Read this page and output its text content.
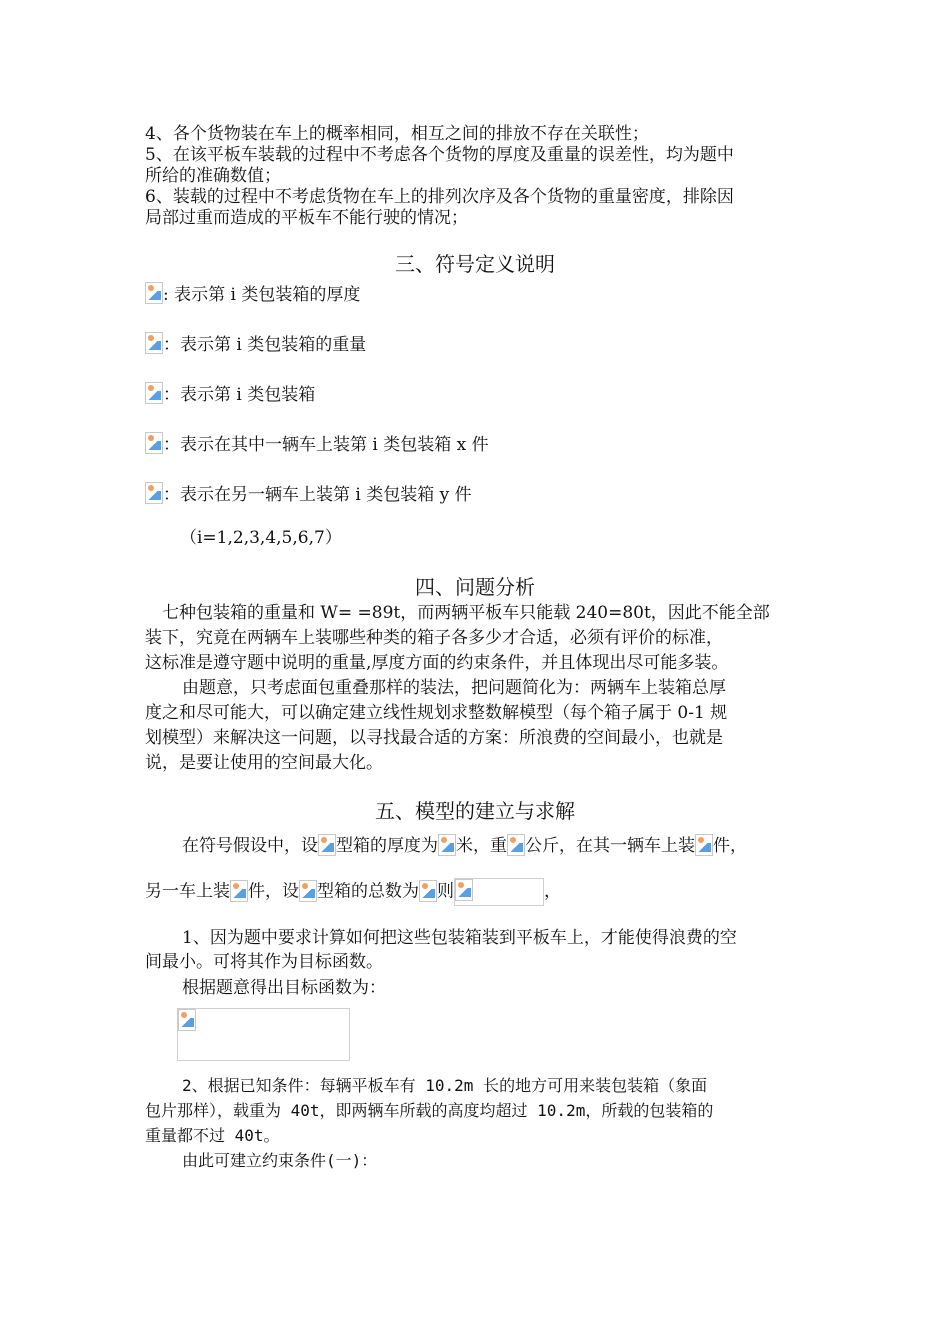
4、各个货物装在车上的概率相同，相互之间的排放不存在关联性；
5、在该平板车装载的过程中不考虑各个货物的厚度及重量的误差性，均为题中
所给的准确数值；
6、装载的过程中不考虑货物在车上的排列次序及各个货物的重量密度，排除因
局部过重而造成的平板车不能行驶的情况；
三、符号定义说明
: 表示第 i 类包装箱的厚度
：表示第 i 类包装箱的重量
：表示第 i 类包装箱
：表示在其中一辆车上装第 i 类包装箱 x 件
：表示在另一辆车上装第 i 类包装箱 y 件
（i=1,2,3,4,5,6,7）
四、问题分析
七种包装箱的重量和 W= =89t，而两辆平板车只能载 240=80t，因此不能全部
装下，究竟在两辆车上装哪些种类的箱子各多少才合适，必须有评价的标准，
这标准是遵守题中说明的重量,厚度方面的约束条件，并且体现出尽可能多装。
由题意，只考虑面包重叠那样的装法，把问题简化为：两辆车上装箱总厚
度之和尽可能大，可以确定建立线性规划求整数解模型（每个箱子属于 0-1 规
划模型）来解决这一问题，以寻找最合适的方案：所浪费的空间最小，也就是
说，是要让使用的空间最大化。
五、模型的建立与求解
在符号假设中，设 型箱的厚度为 米，重 公斤，在其一辆车上装 件，
另一车上装 件，设 型箱的总数为 则	，
1、因为题中要求计算如何把这些包装箱装到平板车上，才能使得浪费的空
间最小。可将其作为目标函数。
根据题意得出目标函数为：
2、根据已知条件：每辆平板车有 10.2m 长的地方可用来装包装箱（象面
包片那样），载重为 40t，即两辆车所载的高度均超过 10.2m，所载的包装箱的
重量都不过 40t。
由此可建立约束条件(一)：
